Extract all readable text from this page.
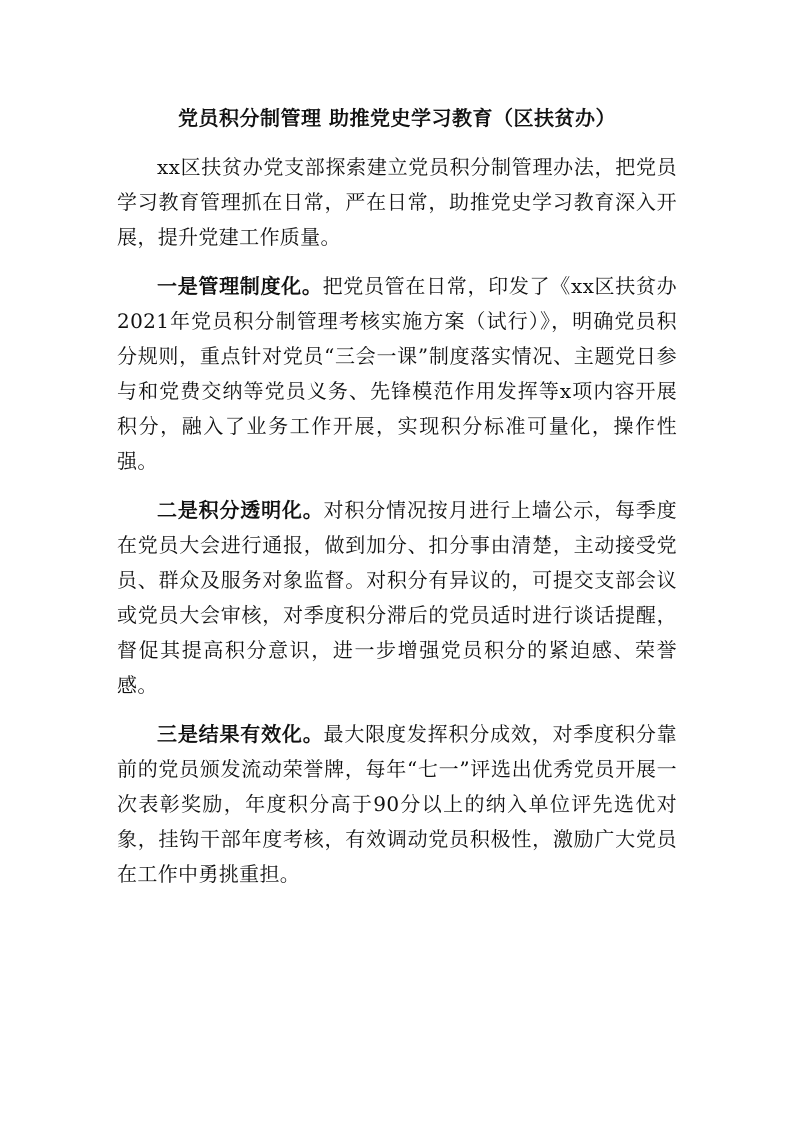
党员积分制管理 助推党史学习教育（区扶贫办）

xx区扶贫办党支部探索建立党员积分制管理办法，把党员学习教育管理抓在日常，严在日常，助推党史学习教育深入开展，提升党建工作质量。

一是管理制度化。把党员管在日常，印发了《xx区扶贫办2021年党员积分制管理考核实施方案（试行）》，明确党员积分规则，重点针对党员“三会一课”制度落实情况、主题党日参与和党费交纳等党员义务、先锋模范作用发挥等x项内容开展积分，融入了业务工作开展，实现积分标准可量化，操作性强。

二是积分透明化。对积分情况按月进行上墙公示，每季度在党员大会进行通报，做到加分、扣分事由清楚，主动接受党员、群众及服务对象监督。对积分有异议的，可提交支部会议或党员大会审核，对季度积分滞后的党员适时进行谈话提醒，督促其提高积分意识，进一步增强党员积分的紧迫感、荣誉感。

三是结果有效化。最大限度发挥积分成效，对季度积分靠前的党员颁发流动荣誉牌，每年“七一”评选出优秀党员开展一次表彰奖励，年度积分高于90分以上的纳入单位评先选优对象，挂钩干部年度考核，有效调动党员积极性，激励广大党员在工作中勇挑重担。
